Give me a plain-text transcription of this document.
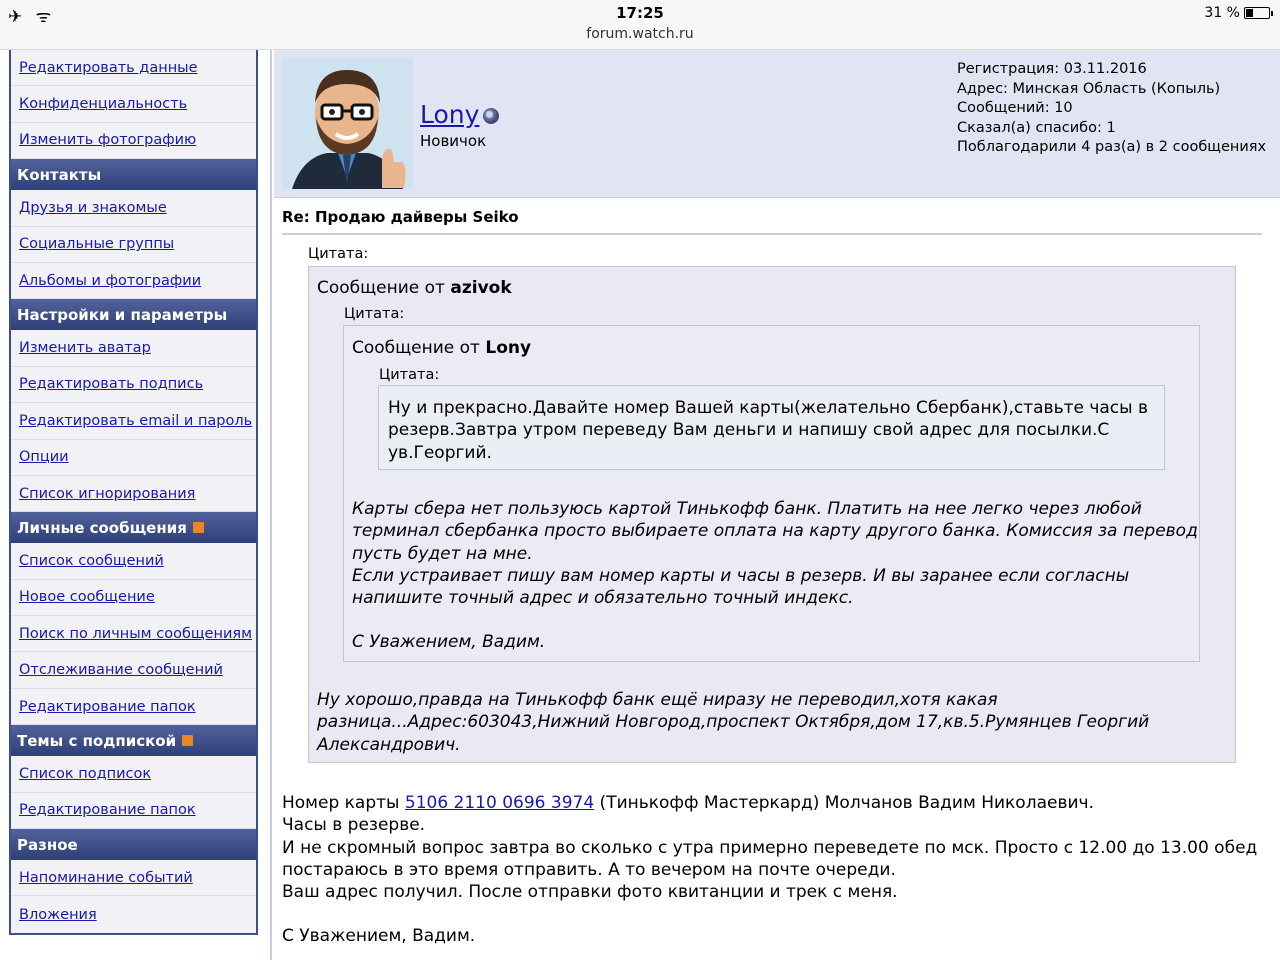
✈ ᯤ	17:25
forum.watch.ru
31 %
Редактировать данные
Конфиденциальность
Изменить фотографию
Контакты
Друзья и знакомые
Социальные группы
Альбомы и фотографии
Настройки и параметры
Изменить аватар
Редактировать подпись
Редактировать email и пароль
Опции
Список игнорирования
Личные сообщения
Список сообщений
Новое сообщение
Поиск по личным сообщениям
Отслеживание сообщений
Редактирование папок
Темы с подпиской
Список подписок
Редактирование папок
Разное
Напоминание событий
Вложения
Lony
Новичок
Регистрация: 03.11.2016
Адрес: Минская Область (Копыль)
Сообщений: 10
Сказал(а) спасибо: 1
Поблагодарили 4 раз(а) в 2 сообщениях
Re: Продаю дайверы Seiko
Цитата:
Сообщение от azivok
Цитата:
Сообщение от Lony
Цитата:
Ну и прекрасно.Давайте номер Вашей карты(желательно Сбербанк),ставьте часы в
резерв.Завтра утром переведу Вам деньги и напишу свой адрес для посылки.С
ув.Георгий.
Карты сбера нет пользуюсь картой Тинькофф банк. Платить на нее легко через любой
терминал сбербанка просто выбираете оплата на карту другого банка. Комиссия за перевод
пусть будет на мне.
Если устраивает пишу вам номер карты и часы в резерв. И вы заранее если согласны
напишите точный адрес и обязательно точный индекс.
С Уважением, Вадим.
Ну хорошо,правда на Тинькофф банк ещё ниразу не переводил,хотя какая
разница...Адрес:603043,Нижний Новгород,проспект Октября,дом 17,кв.5.Румянцев Георгий
Александрович.
Номер карты 5106 2110 0696 3974 (Тинькофф Мастеркард) Молчанов Вадим Николаевич.
Часы в резерве.
И не скромный вопрос завтра во сколько с утра примерно переведете по мск. Просто с 12.00 до 13.00 обед
постараюсь в это время отправить. А то вечером на почте очереди.
Ваш адрес получил. После отправки фото квитанции и трек с меня.
С Уважением, Вадим.
